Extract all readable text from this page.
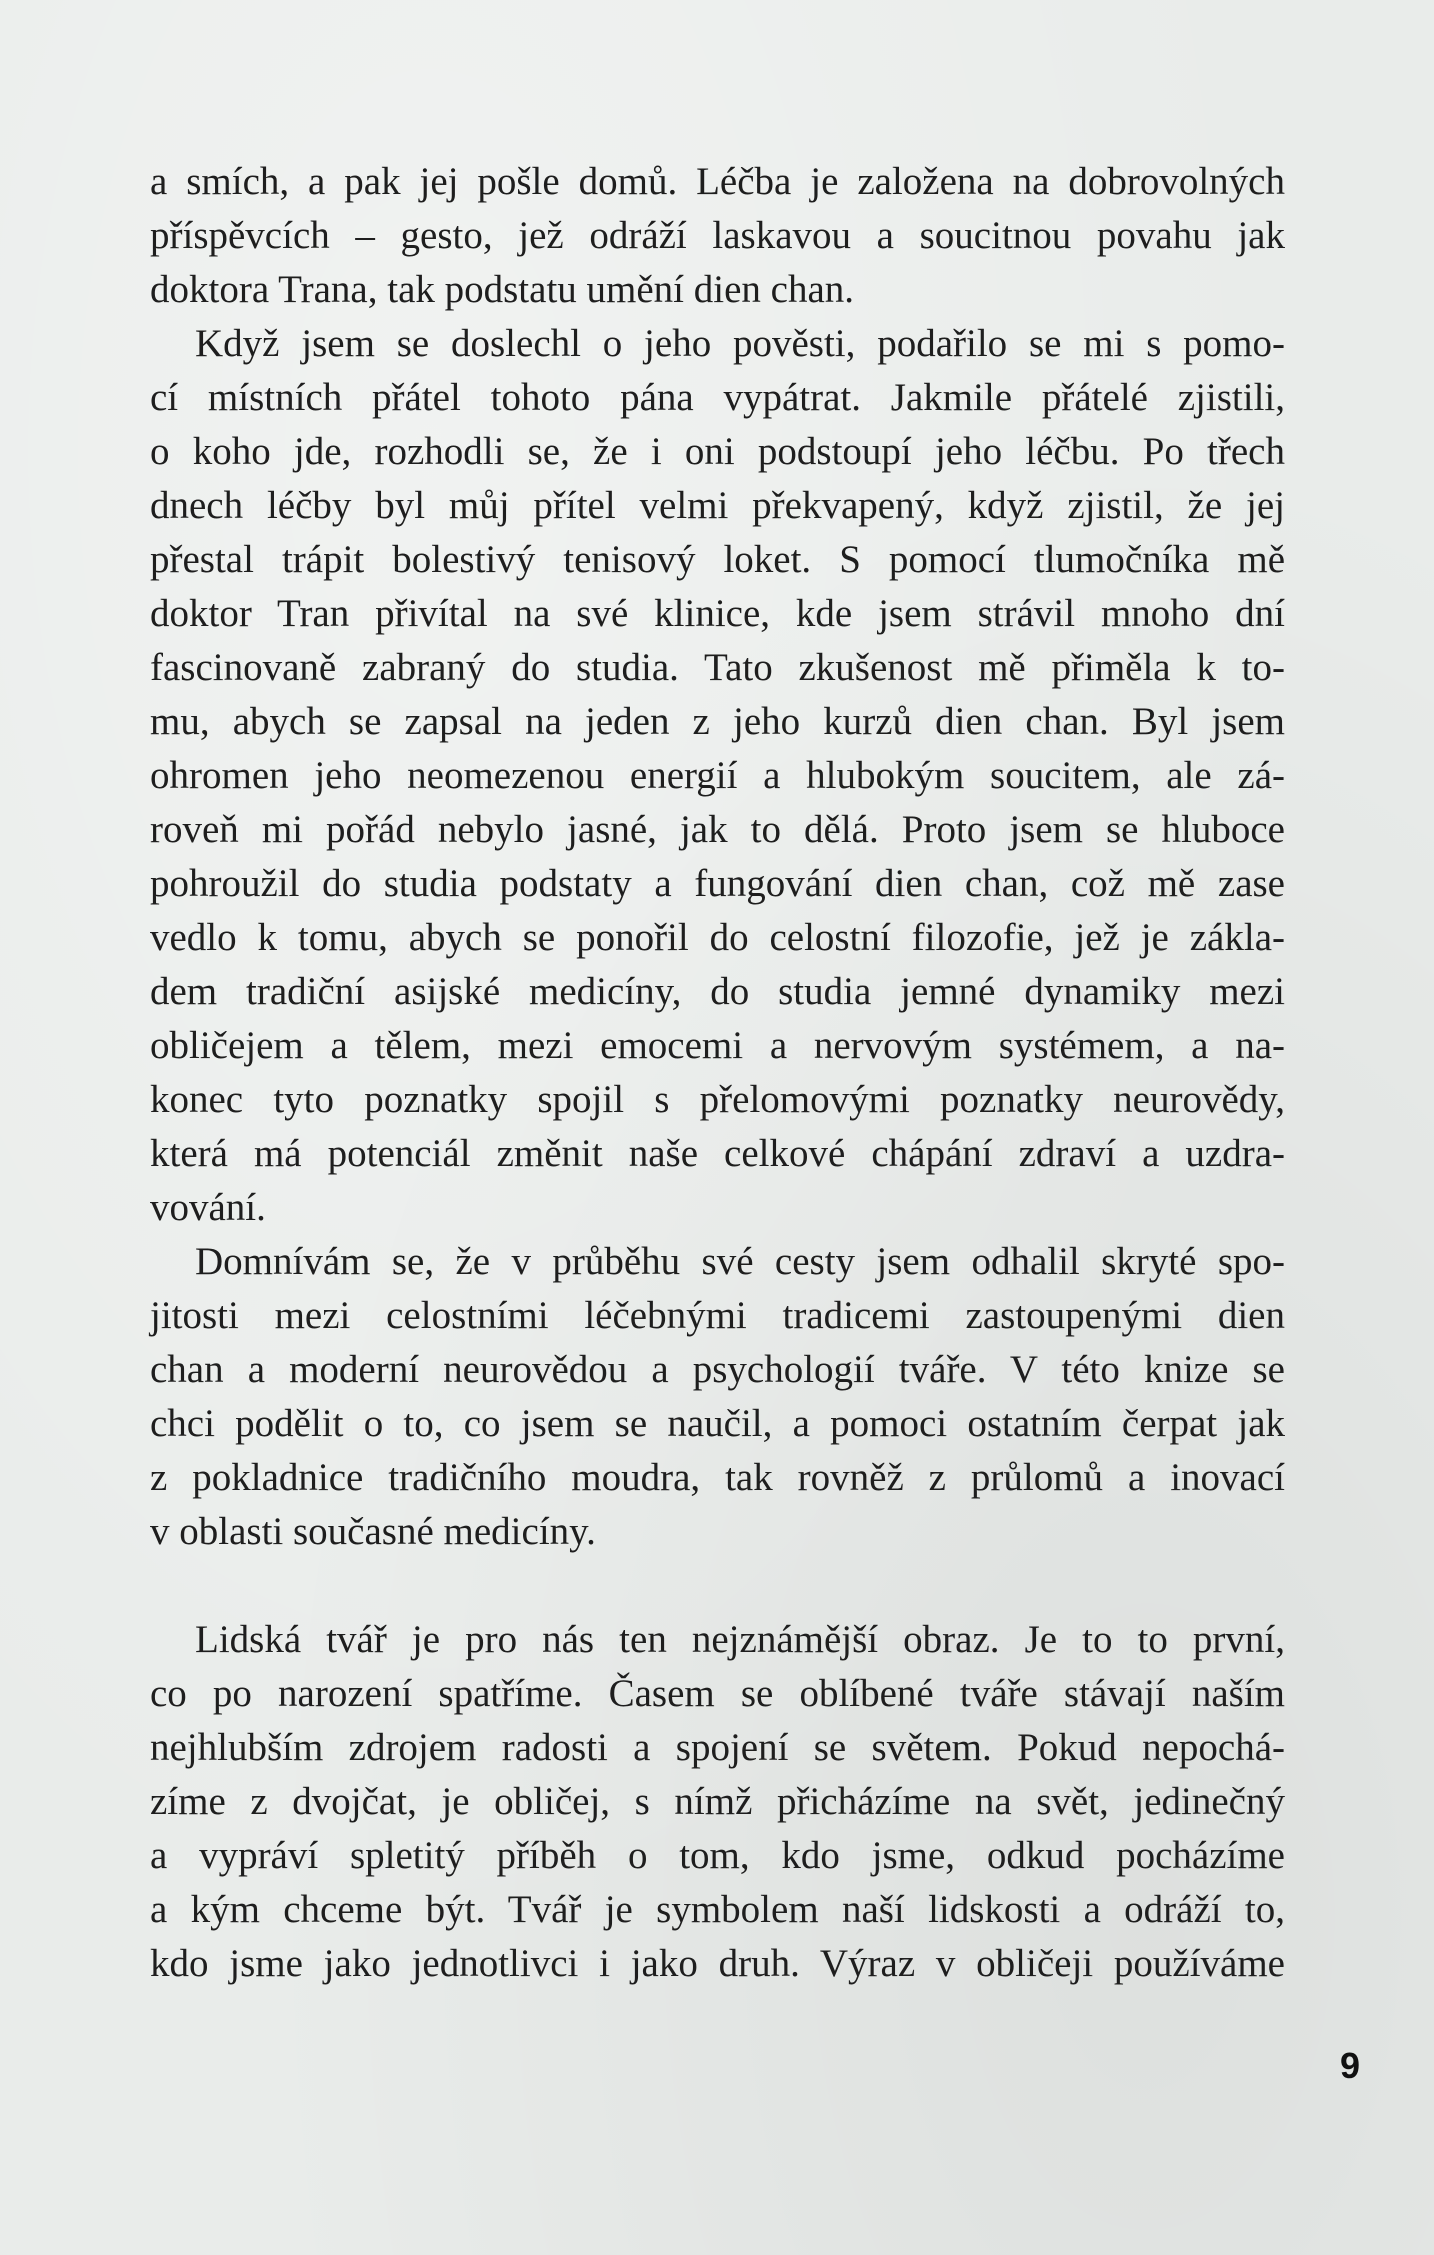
a smích, a pak jej pošle domů. Léčba je založena na dobrovolných
příspěvcích – gesto, jež odráží laskavou a soucitnou povahu jak
doktora Trana, tak podstatu umění dien chan.
Když jsem se doslechl o jeho pověsti, podařilo se mi s pomo-
cí místních přátel tohoto pána vypátrat. Jakmile přátelé zjistili,
o koho jde, rozhodli se, že i oni podstoupí jeho léčbu. Po třech
dnech léčby byl můj přítel velmi překvapený, když zjistil, že jej
přestal trápit bolestivý tenisový loket. S pomocí tlumočníka mě
doktor Tran přivítal na své klinice, kde jsem strávil mnoho dní
fascinovaně zabraný do studia. Tato zkušenost mě přiměla k to-
mu, abych se zapsal na jeden z jeho kurzů dien chan. Byl jsem
ohromen jeho neomezenou energií a hlubokým soucitem, ale zá-
roveň mi pořád nebylo jasné, jak to dělá. Proto jsem se hluboce
pohroužil do studia podstaty a fungování dien chan, což mě zase
vedlo k tomu, abych se ponořil do celostní filozofie, jež je zákla-
dem tradiční asijské medicíny, do studia jemné dynamiky mezi
obličejem a tělem, mezi emocemi a nervovým systémem, a na-
konec tyto poznatky spojil s přelomovými poznatky neurovědy,
která má potenciál změnit naše celkové chápání zdraví a uzdra-
vování.
Domnívám se, že v průběhu své cesty jsem odhalil skryté spo-
jitosti mezi celostními léčebnými tradicemi zastoupenými dien
chan a moderní neurovědou a psychologií tváře. V této knize se
chci podělit o to, co jsem se naučil, a pomoci ostatním čerpat jak
z pokladnice tradičního moudra, tak rovněž z průlomů a inovací
v oblasti současné medicíny.
Lidská tvář je pro nás ten nejznámější obraz. Je to to první,
co po narození spatříme. Časem se oblíbené tváře stávají naším
nejhlubším zdrojem radosti a spojení se světem. Pokud nepochá-
zíme z dvojčat, je obličej, s nímž přicházíme na svět, jedinečný
a vypráví spletitý příběh o tom, kdo jsme, odkud pocházíme
a kým chceme být. Tvář je symbolem naší lidskosti a odráží to,
kdo jsme jako jednotlivci i jako druh. Výraz v obličeji používáme
9
